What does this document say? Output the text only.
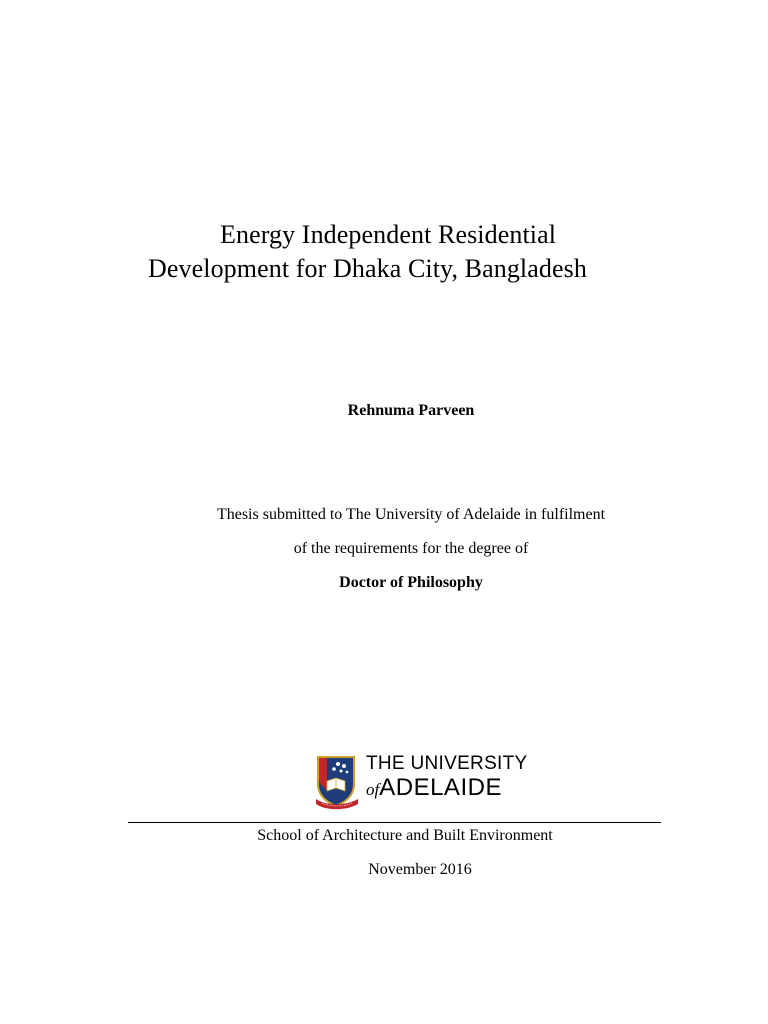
Energy Independent Residential
Development for Dhaka City, Bangladesh
Rehnuma Parveen
Thesis submitted to The University of Adelaide in fulfilment
of the requirements for the degree of
Doctor of Philosophy
THE UNIVERSITY
ofADELAIDE
School of Architecture and Built Environment
November 2016
